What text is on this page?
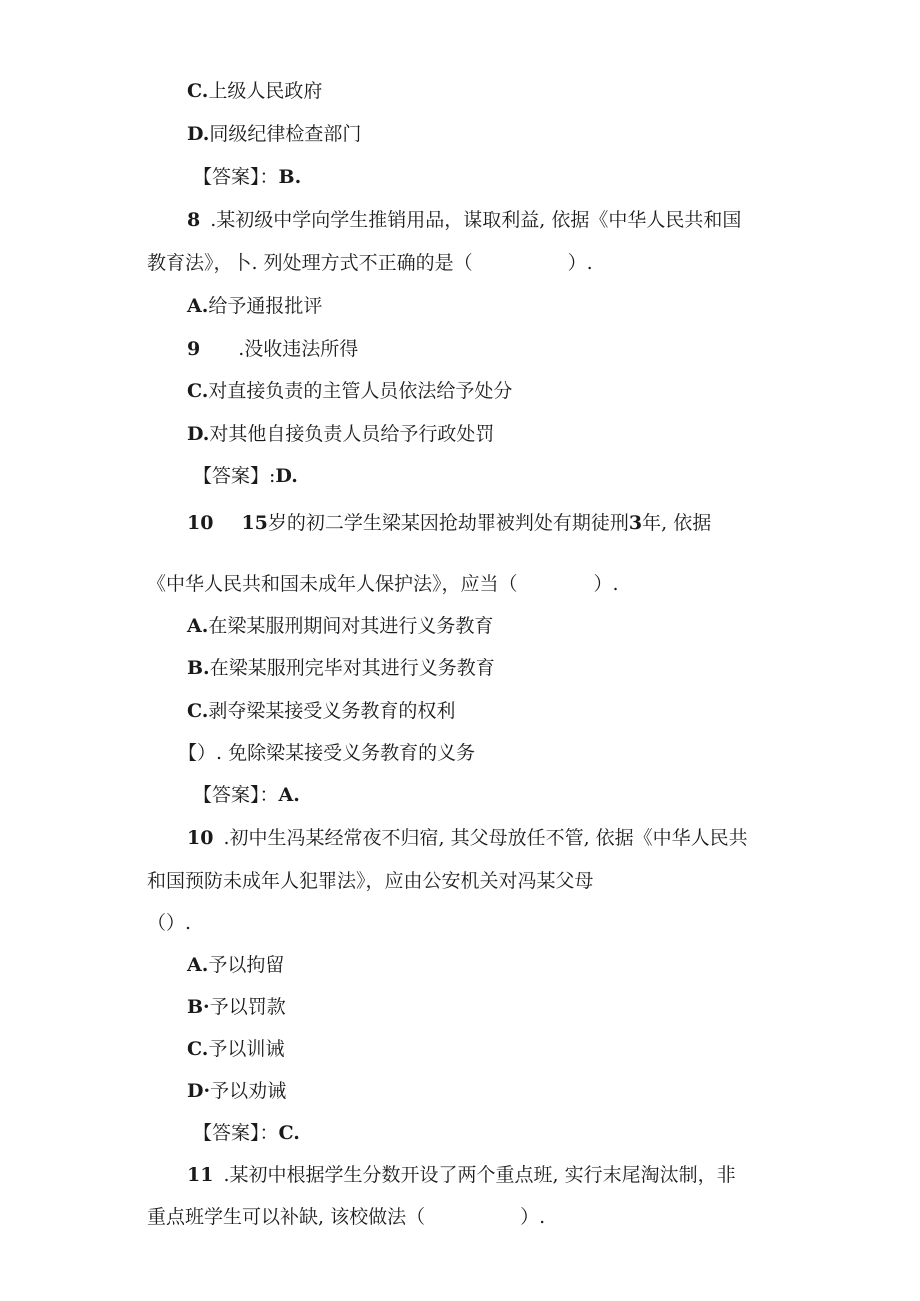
C.上级人民政府
D.同级纪律检查部门
【答案】：B.
8 .某初级中学向学生推销用品，谋取利益, 依据《中华人民共和国
教育法》，卜. 列处理方式不正确的是（　　　　　）.
A.给予通报批评
9 .没收违法所得
C.对直接负责的主管人员依法给予处分
D.对其他自接负责人员给予行政处罚
【答案】:D.
10 15岁的初二学生梁某因抢劫罪被判处有期徒刑3年, 依据
《中华人民共和国未成年人保护法》，应当（　　　　）.
A.在梁某服刑期间对其进行义务教育
B.在梁某服刑完毕对其进行义务教育
C.剥夺梁某接受义务教育的权利
【）. 免除梁某接受义务教育的义务
【答案】：A.
10 .初中生冯某经常夜不归宿, 其父母放任不管, 依据《中华人民共
和国预防未成年人犯罪法》，应由公安机关对冯某父母
（）.
A.予以拘留
B·予以罚款
C.予以训诫
D·予以劝诫
【答案】：C.
11 .某初中根据学生分数开设了两个重点班, 实行末尾淘汰制，非
重点班学生可以补缺, 该校做法（　　　　　）.
